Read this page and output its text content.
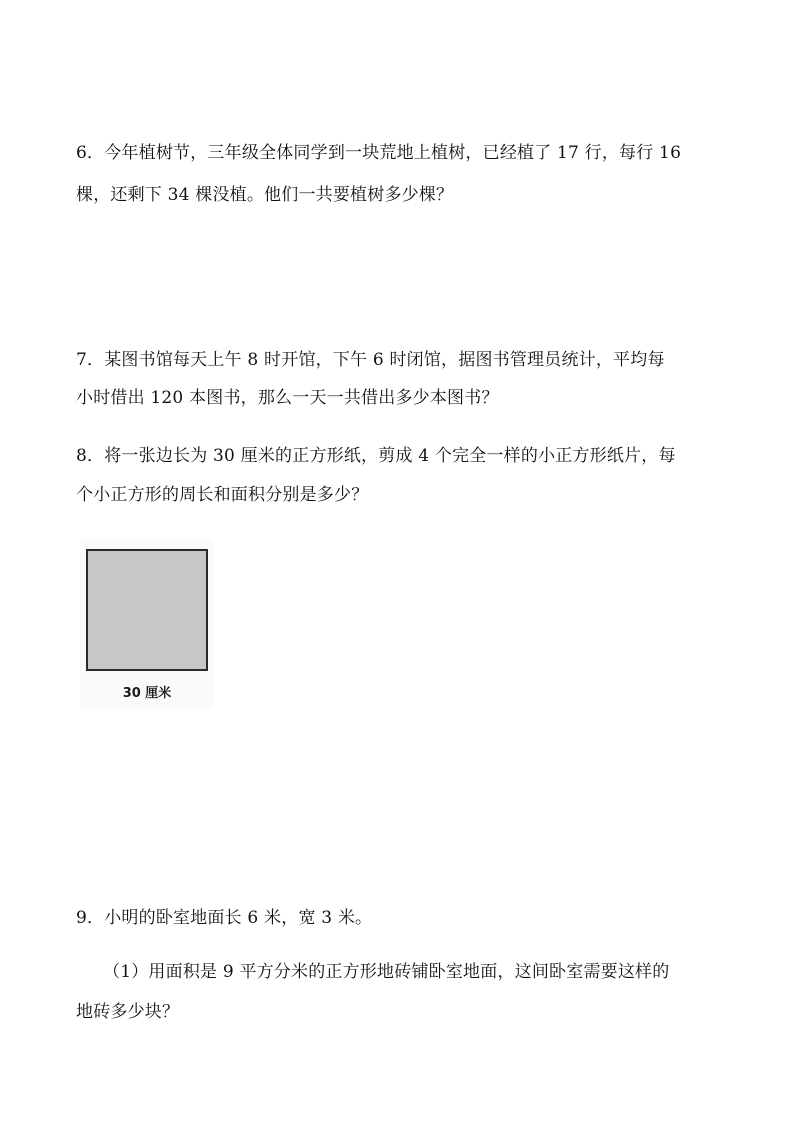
6．今年植树节，三年级全体同学到一块荒地上植树，已经植了 17 行，每行 16
棵，还剩下 34 棵没植。他们一共要植树多少棵？
7．某图书馆每天上午 8 时开馆，下午 6 时闭馆，据图书管理员统计，平均每
小时借出 120 本图书，那么一天一共借出多少本图书？
8．将一张边长为 30 厘米的正方形纸，剪成 4 个完全一样的小正方形纸片，每
个小正方形的周长和面积分别是多少？
30 厘米
9．小明的卧室地面长 6 米，宽 3 米。
（1）用面积是 9 平方分米的正方形地砖铺卧室地面，这间卧室需要这样的
地砖多少块？
